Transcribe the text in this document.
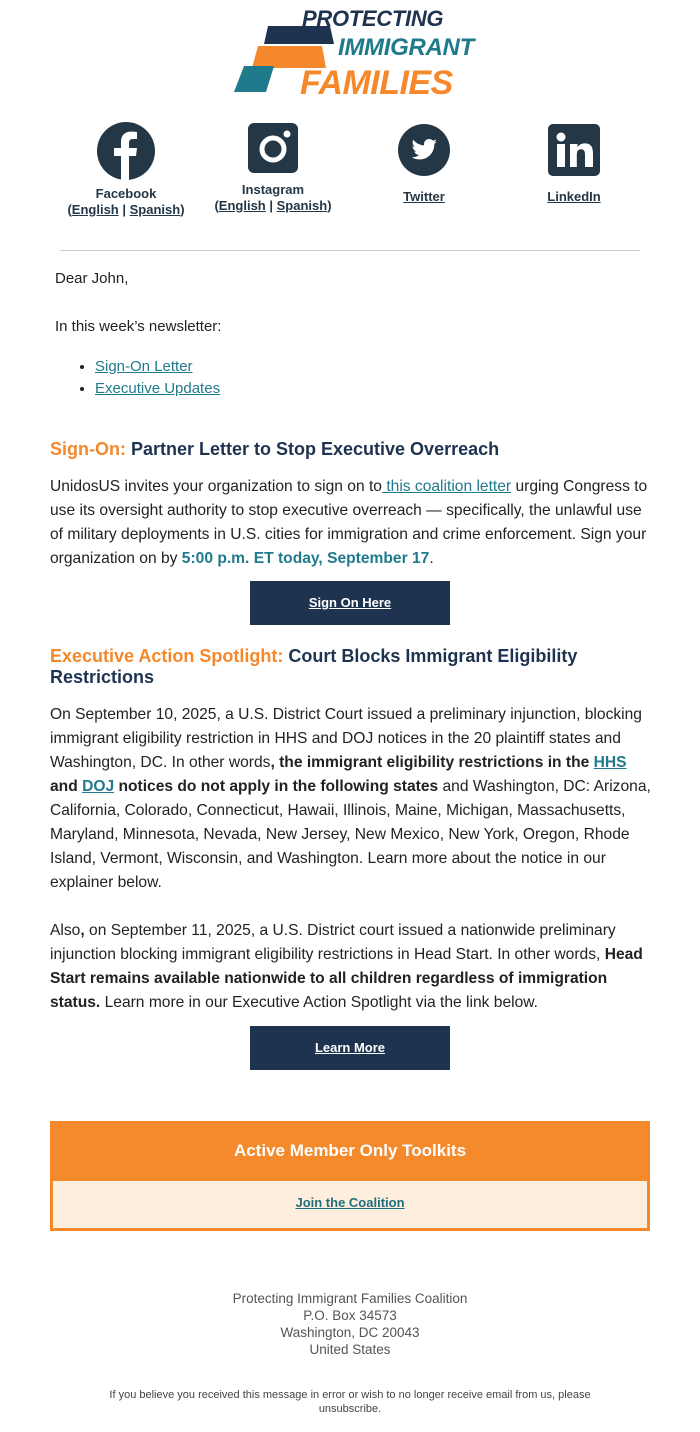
PROTECTING
IMMIGRANT
FAMILIES
Facebook
(English | Spanish)
Instagram
(English | Spanish)
Twitter	LinkedIn
Dear John,
In this week’s newsletter:
• Sign-On Letter
• Executive Updates
Sign-On: Partner Letter to Stop Executive Overreach

UnidosUS invites your organization to sign on to this coalition letter urging Congress to use its oversight authority to stop executive overreach — specifically, the unlawful use of military deployments in U.S. cities for immigration and crime enforcement. Sign your organization on by 5:00 p.m. ET today, September 17.

Sign On Here
Executive Action Spotlight: Court Blocks Immigrant Eligibility Restrictions

On September 10, 2025, a U.S. District Court issued a preliminary injunction, blocking immigrant eligibility restriction in HHS and DOJ notices in the 20 plaintiff states and Washington, DC. In other words, the immigrant eligibility restrictions in the HHS and DOJ notices do not apply in the following states and Washington, DC: Arizona, California, Colorado, Connecticut, Hawaii, Illinois, Maine, Michigan, Massachusetts, Maryland, Minnesota, Nevada, New Jersey, New Mexico, New York, Oregon, Rhode Island, Vermont, Wisconsin, and Washington. Learn more about the notice in our explainer below.

Also, on September 11, 2025, a U.S. District court issued a nationwide preliminary injunction blocking immigrant eligibility restrictions in Head Start. In other words, Head Start remains available nationwide to all children regardless of immigration status. Learn more in our Executive Action Spotlight via the link below.

Learn More
Active Member Only Toolkits
Join the Coalition
Protecting Immigrant Families Coalition
P.O. Box 34573
Washington, DC 20043
United States
If you believe you received this message in error or wish to no longer receive email from us, please unsubscribe.
